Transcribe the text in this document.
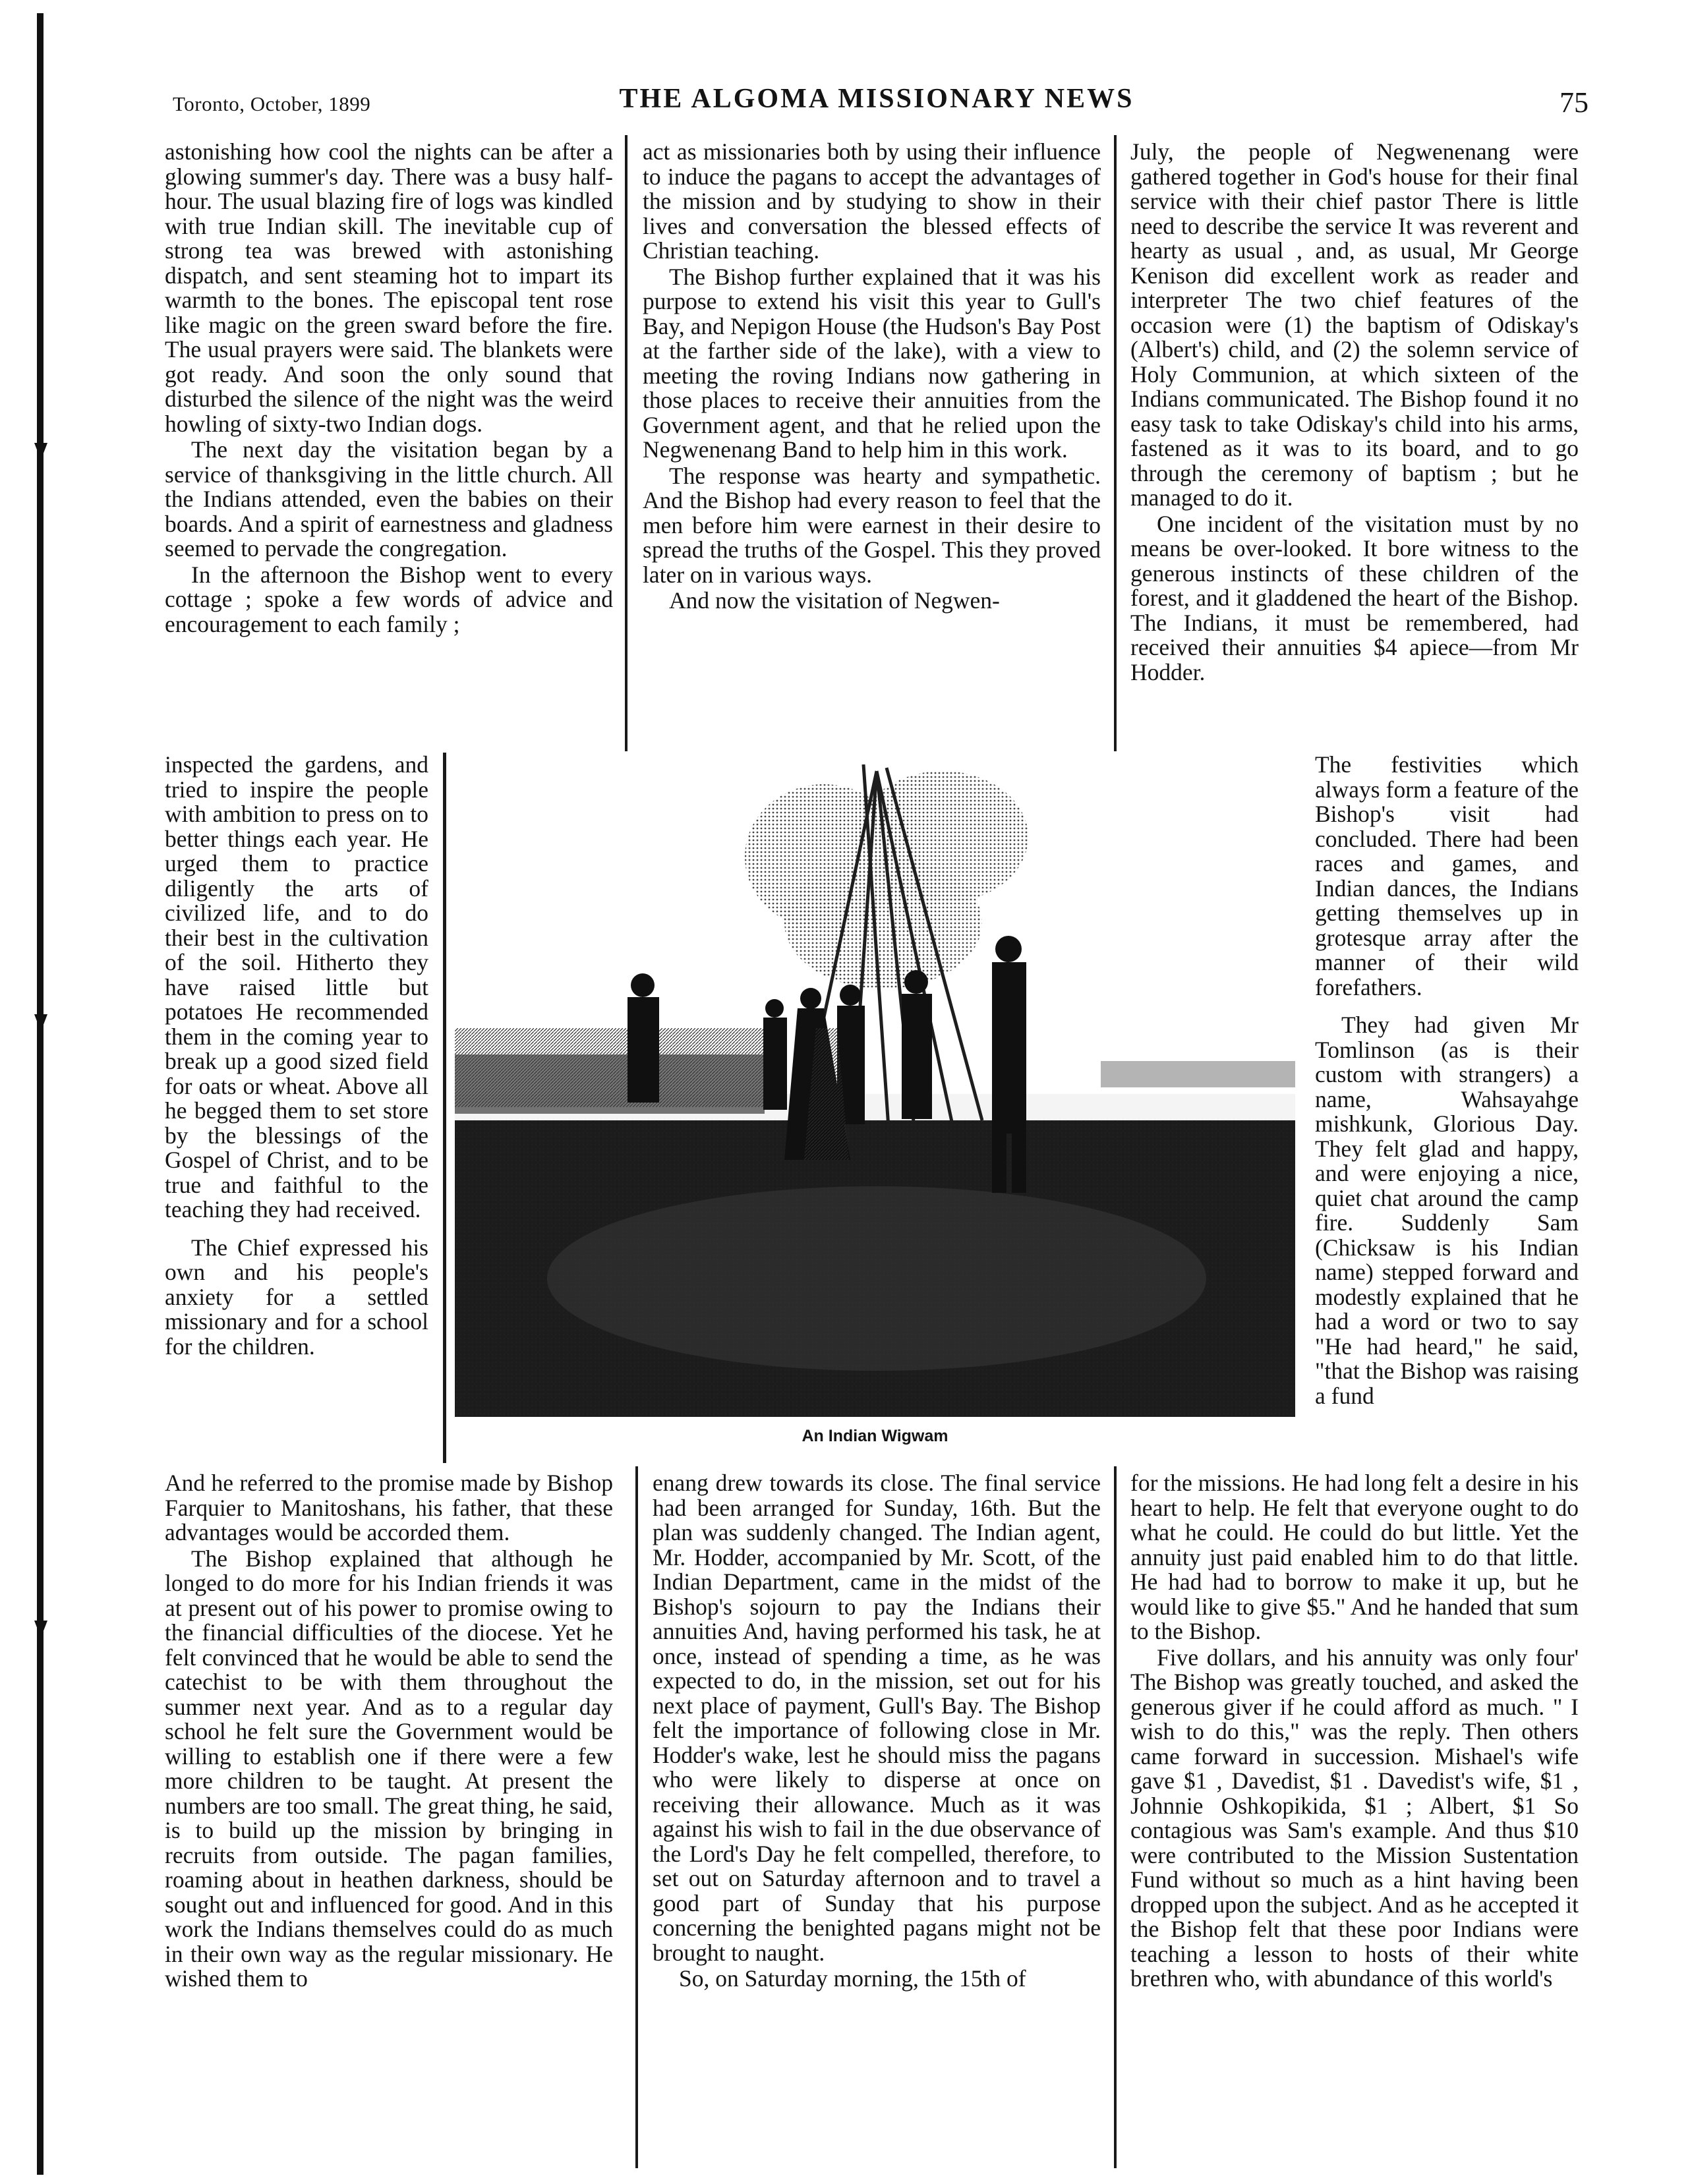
Toronto, October, 1899	THE ALGOMA MISSIONARY NEWS	75

astonishing how cool the nights can be after a glowing summer's day. There was a busy half-hour. The usual blazing fire of logs was kindled with true Indian skill. The inevitable cup of strong tea was brewed with astonishing dispatch, and sent steaming hot to impart its warmth to the bones. The episcopal tent rose like magic on the green sward before the fire. The usual prayers were said. The blankets were got ready. And soon the only sound that disturbed the silence of the night was the weird howling of sixty-two Indian dogs.

The next day the visitation began by a service of thanksgiving in the little church. All the Indians attended, even the babies on their boards. And a spirit of earnestness and gladness seemed to pervade the congregation.

In the afternoon the Bishop went to every cottage ; spoke a few words of advice and encouragement to each family ;

inspected the gardens, and tried to inspire the people with ambition to press on to better things each year. He urged them to practice diligently the arts of civilized life, and to do their best in the cultivation of the soil. Hitherto they have raised little but potatoes He recommended them in the coming year to break up a good sized field for oats or wheat. Above all he begged them to set store by the blessings of the Gospel of Christ, and to be true and faithful to the teaching they had received.

The Chief expressed his own and his people's anxiety for a settled missionary and for a school for the children.

And he referred to the promise made by Bishop Farquier to Manitoshans, his father, that these advantages would be accorded them.

The Bishop explained that although he longed to do more for his Indian friends it was at present out of his power to promise owing to the financial difficulties of the diocese. Yet he felt convinced that he would be able to send the catechist to be with them throughout the summer next year. And as to a regular day school he felt sure the Government would be willing to establish one if there were a few more children to be taught. At present the numbers are too small. The great thing, he said, is to build up the mission by bringing in recruits from outside. The pagan families, roaming about in heathen darkness, should be sought out and influenced for good. And in this work the Indians themselves could do as much in their own way as the regular missionary. He wished them to

act as missionaries both by using their influence to induce the pagans to accept the advantages of the mission and by studying to show in their lives and conversation the blessed effects of Christian teaching.

The Bishop further explained that it was his purpose to extend his visit this year to Gull's Bay, and Nepigon House (the Hudson's Bay Post at the farther side of the lake), with a view to meeting the roving Indians now gathering in those places to receive their annuities from the Government agent, and that he relied upon the Negwenenang Band to help him in this work.

The response was hearty and sympathetic. And the Bishop had every reason to feel that the men before him were earnest in their desire to spread the truths of the Gospel. This they proved later on in various ways.

And now the visitation of Negwen-

enang drew towards its close. The final service had been arranged for Sunday, 16th. But the plan was suddenly changed. The Indian agent, Mr. Hodder, accompanied by Mr. Scott, of the Indian Department, came in the midst of the Bishop's sojourn to pay the Indians their annuities And, having performed his task, he at once, instead of spending a time, as he was expected to do, in the mission, set out for his next place of payment, Gull's Bay. The Bishop felt the importance of following close in Mr. Hodder's wake, lest he should miss the pagans who were likely to disperse at once on receiving their allowance. Much as it was against his wish to fail in the due observance of the Lord's Day he felt compelled, therefore, to set out on Saturday afternoon and to travel a good part of Sunday that his purpose concerning the benighted pagans might not be brought to naught.

So, on Saturday morning, the 15th of

July, the people of Negwenenang were gathered together in God's house for their final service with their chief pastor There is little need to describe the service It was reverent and hearty as usual , and, as usual, Mr George Kenison did excellent work as reader and interpreter The two chief features of the occasion were (1) the baptism of Odiskay's (Albert's) child, and (2) the solemn service of Holy Communion, at which sixteen of the Indians communicated. The Bishop found it no easy task to take Odiskay's child into his arms, fastened as it was to its board, and to go through the ceremony of baptism ; but he managed to do it.

One incident of the visitation must by no means be over-looked. It bore witness to the generous instincts of these children of the forest, and it gladdened the heart of the Bishop. The Indians, it must be remembered, had received their annuities $4 apiece—from Mr Hodder.

The festivities which always form a feature of the Bishop's visit had concluded. There had been races and games, and Indian dances, the Indians getting themselves up in grotesque array after the manner of their wild forefathers.

They had given Mr Tomlinson (as is their custom with strangers) a name, Wahsayahge mishkunk, Glorious Day. They felt glad and happy, and were enjoying a nice, quiet chat around the camp fire. Suddenly Sam (Chicksaw is his Indian name) stepped forward and modestly explained that he had a word or two to say "He had heard," he said, "that the Bishop was raising a fund

for the missions. He had long felt a desire in his heart to help. He felt that everyone ought to do what he could. He could do but little. Yet the annuity just paid enabled him to do that little. He had had to borrow to make it up, but he would like to give $5." And he handed that sum to the Bishop.

Five dollars, and his annuity was only four' The Bishop was greatly touched, and asked the generous giver if he could afford as much. " I wish to do this," was the reply. Then others came forward in succession. Mishael's wife gave $1 , Davedist, $1 . Davedist's wife, $1 , Johnnie Oshkopikida, $1 ; Albert, $1 So contagious was Sam's example. And thus $10 were contributed to the Mission Sustentation Fund without so much as a hint having been dropped upon the subject. And as he accepted it the Bishop felt that these poor Indians were teaching a lesson to hosts of their white brethren who, with abundance of this world's

An Indian Wigwam
